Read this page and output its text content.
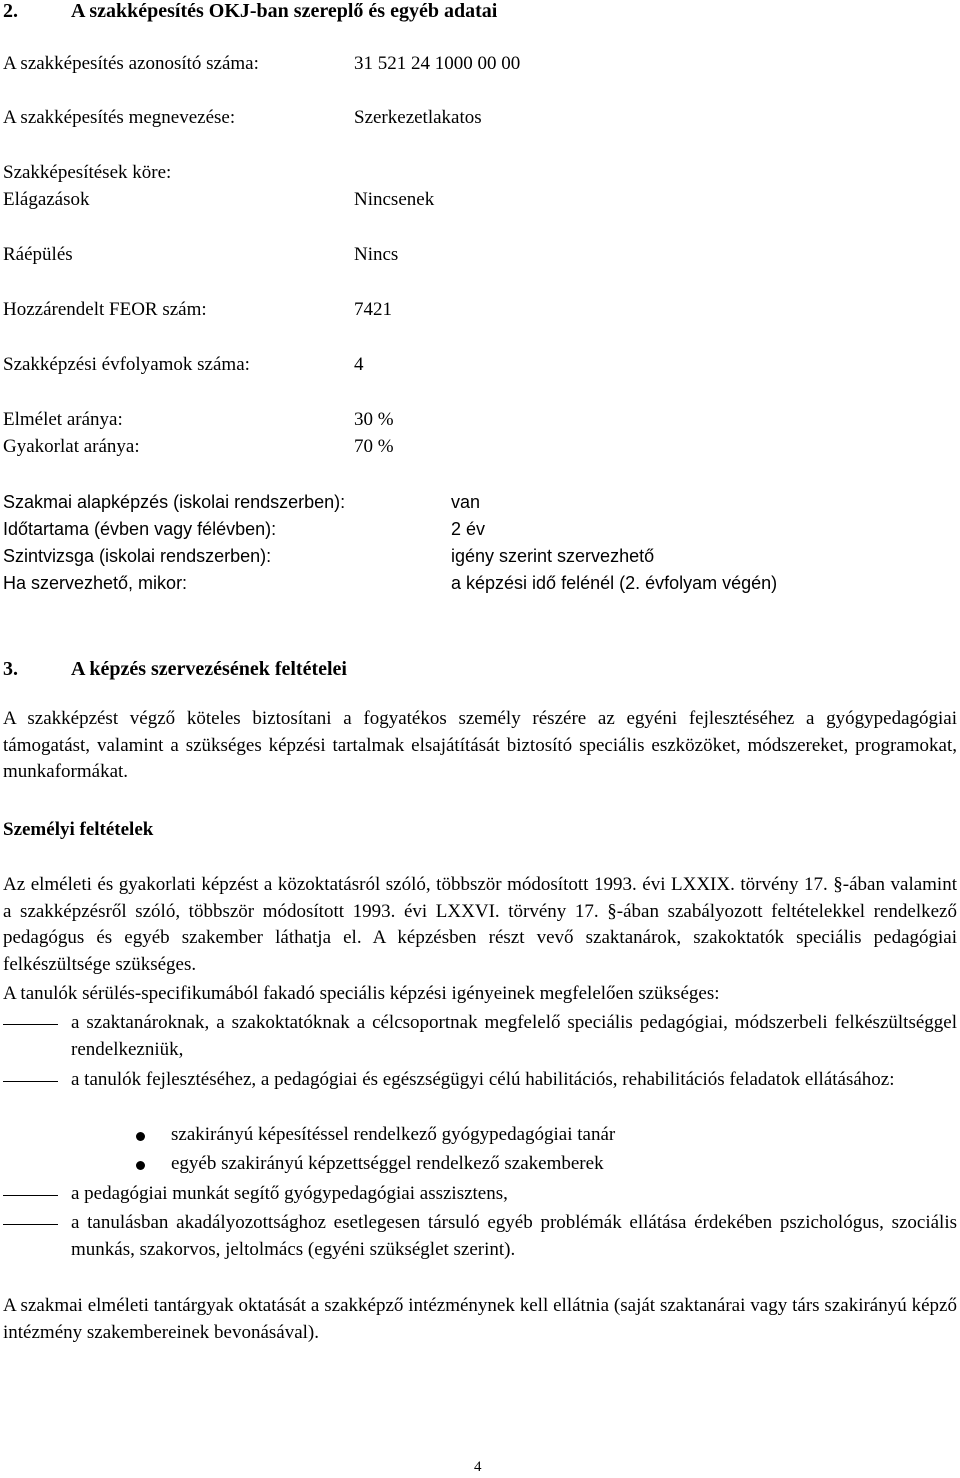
2.	A szakképesítés OKJ-ban szereplő és egyéb adatai
A szakképesítés azonosító száma:	31 521 24 1000 00 00
A szakképesítés megnevezése:	Szerkezetlakatos
Szakképesítések köre:
Elágazások	Nincsenek
Ráépülés	Nincs
Hozzárendelt FEOR szám:	7421
Szakképzési évfolyamok száma:	4
Elmélet aránya:	30 %
Gyakorlat aránya:	70 %
Szakmai alapképzés (iskolai rendszerben):	van
Időtartama (évben vagy félévben):	2 év
Szintvizsga (iskolai rendszerben):	igény szerint szervezhető
Ha szervezhető, mikor:	a képzési idő felénél (2. évfolyam végén)
3.	A képzés szervezésének feltételei
A szakképzést végző köteles biztosítani a fogyatékos személy részére az egyéni fejlesztéséhez a gyógypedagógiai támogatást, valamint a szükséges képzési tartalmak elsajátítását biztosító speciális eszközöket, módszereket, programokat, munkaformákat.
Személyi feltételek
Az elméleti és gyakorlati képzést a közoktatásról szóló, többször módosított 1993. évi LXXIX. törvény 17. §-ában valamint a szakképzésről szóló, többször módosított 1993. évi LXXVI. törvény 17. §-ában szabályozott feltételekkel rendelkező pedagógus és egyéb szakember láthatja el. A képzésben részt vevő szaktanárok, szakoktatók speciális pedagógiai felkészültsége szükséges.
A tanulók sérülés-specifikumából fakadó speciális képzési igényeinek megfelelően szükséges:
a szaktanároknak, a szakoktatóknak a célcsoportnak megfelelő speciális pedagógiai, módszerbeli felkészültséggel rendelkezniük,
a tanulók fejlesztéséhez, a pedagógiai és egészségügyi célú habilitációs, rehabilitációs feladatok ellátásához:
szakirányú képesítéssel rendelkező gyógypedagógiai tanár
egyéb szakirányú képzettséggel rendelkező szakemberek
a pedagógiai munkát segítő gyógypedagógiai asszisztens,
a tanulásban akadályozottsághoz esetlegesen társuló egyéb problémák ellátása érdekében pszichológus, szociális munkás, szakorvos, jeltolmács (egyéni szükséglet szerint).
A szakmai elméleti tantárgyak oktatását a szakképző intézménynek kell ellátnia (saját szaktanárai vagy társ szakirányú képző intézmény szakembereinek bevonásával).
4
